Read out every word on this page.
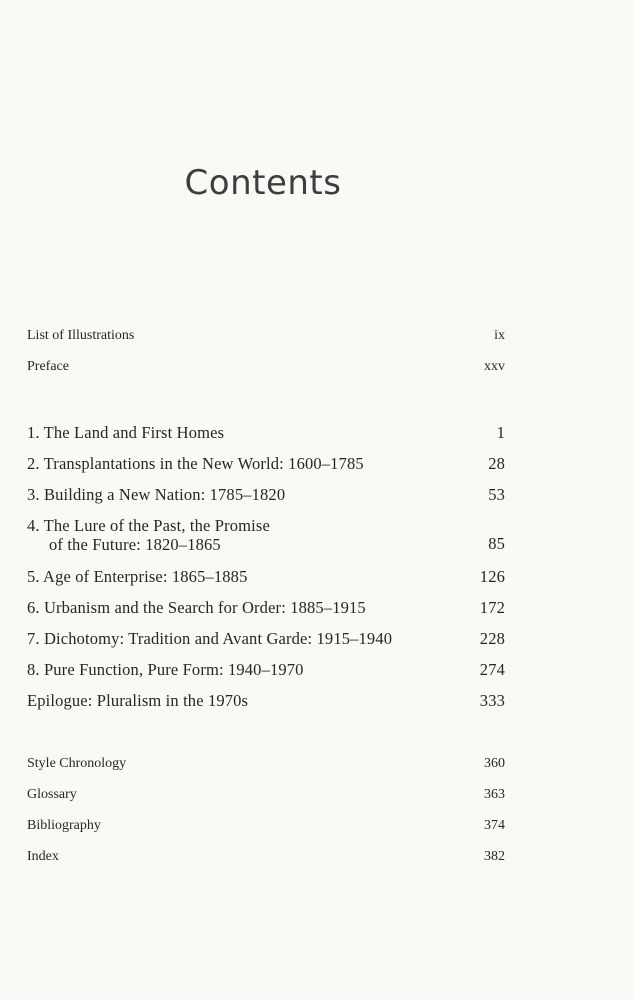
Contents
List of Illustrations	ix
Preface	xxv
1. The Land and First Homes	1
2. Transplantations in the New World: 1600–1785	28
3. Building a New Nation: 1785–1820	53
4. The Lure of the Past, the Promise
of the Future: 1820–1865	85
5. Age of Enterprise: 1865–1885	126
6. Urbanism and the Search for Order: 1885–1915	172
7. Dichotomy: Tradition and Avant Garde: 1915–1940	228
8. Pure Function, Pure Form: 1940–1970	274
Epilogue: Pluralism in the 1970s	333
Style Chronology	360
Glossary	363
Bibliography	374
Index	382
